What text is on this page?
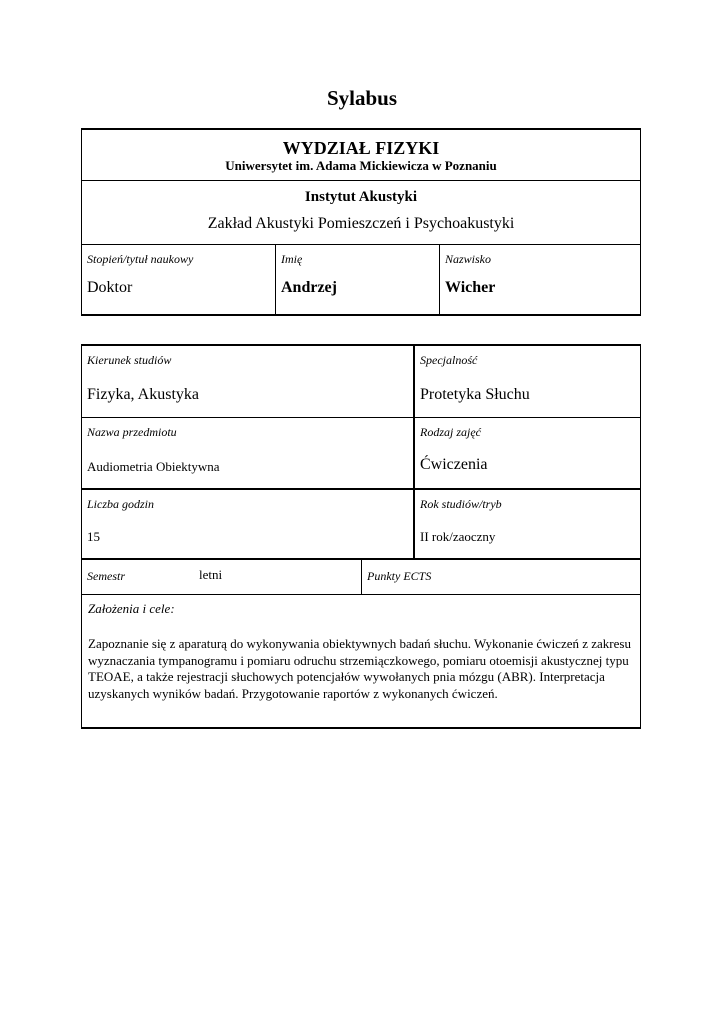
Sylabus
WYDZIAŁ FIZYKI
Uniwersytet im. Adama Mickiewicza w Poznaniu
Instytut Akustyki
Zakład Akustyki Pomieszczeń i Psychoakustyki
Stopień/tytuł naukowy
Doktor
Imię
Andrzej
Nazwisko
Wicher
Kierunek studiów
Fizyka, Akustyka
Specjalność
Protetyka Słuchu
Nazwa przedmiotu
Audiometria Obiektywna
Rodzaj zajęć
Ćwiczenia
Liczba godzin
15
Rok studiów/tryb
II rok/zaoczny
Semestr	letni	Punkty ECTS
Założenia i cele:
Zapoznanie się z aparaturą do wykonywania obiektywnych badań słuchu. Wykonanie ćwiczeń z zakresu wyznaczania tympanogramu i pomiaru odruchu strzemiączkowego, pomiaru otoemisji akustycznej typu TEOAE, a także rejestracji słuchowych potencjałów wywołanych pnia mózgu (ABR). Interpretacja uzyskanych wyników badań. Przygotowanie raportów z wykonanych ćwiczeń.
